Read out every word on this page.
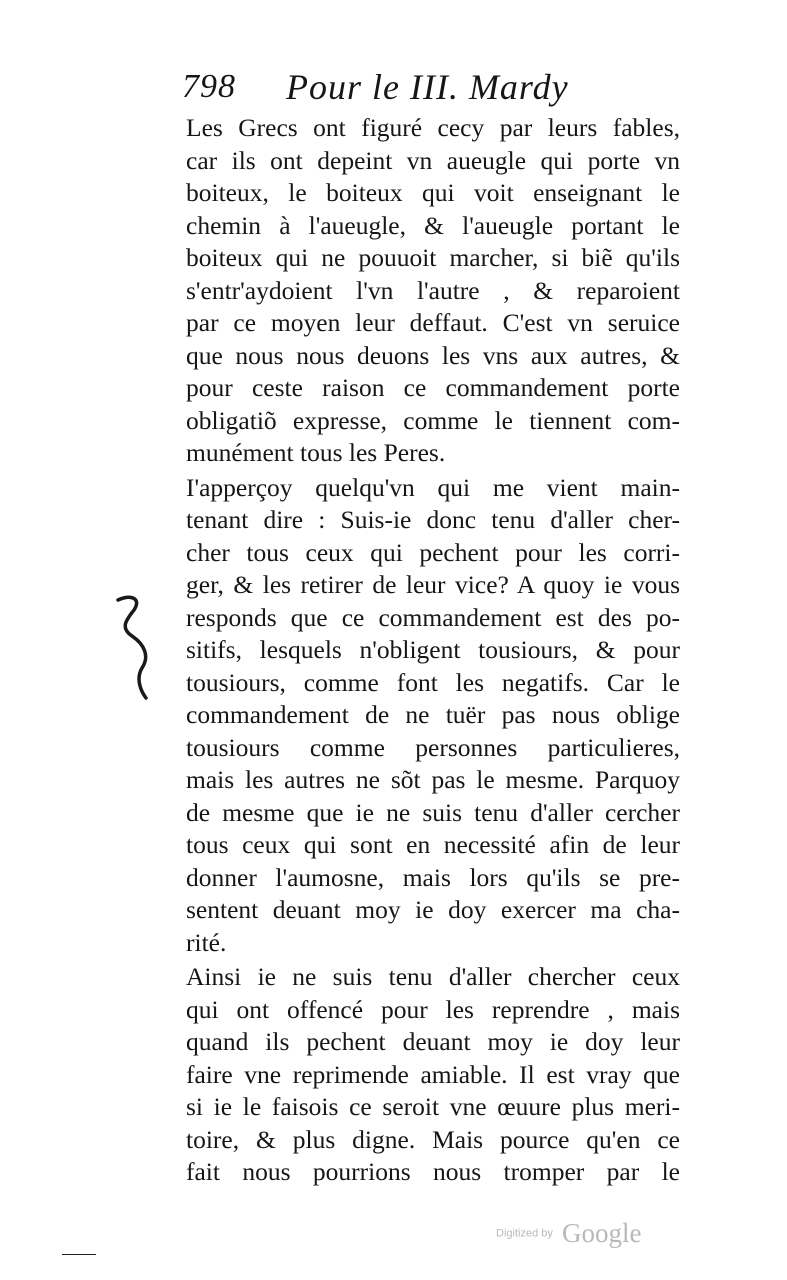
798 Pour le III. Mardy
Les Grecs ont figuré cecy par leurs fables,
car ils ont depeint vn aueugle qui porte vn
boiteux, le boiteux qui voit enseignant le
chemin à l'aueugle, & l'aueugle portant le
boiteux qui ne pouuoit marcher, si biẽ qu'ils
s'entr'aydoient l'vn l'autre , & reparoient
par ce moyen leur deffaut. C'est vn seruice
que nous nous deuons les vns aux autres, &
pour ceste raison ce commandement porte
obligatiõ expresse, comme le tiennent com-
munément tous les Peres.
I'apperçoy quelqu'vn qui me vient main-
tenant dire : Suis-ie donc tenu d'aller cher-
cher tous ceux qui pechent pour les corri-
ger, & les retirer de leur vice? A quoy ie vous
responds que ce commandement est des po-
sitifs, lesquels n'obligent tousiours, & pour
tousiours, comme font les negatifs. Car le
commandement de ne tuër pas nous oblige
tousiours comme personnes particulieres,
mais les autres ne sõt pas le mesme. Parquoy
de mesme que ie ne suis tenu d'aller cercher
tous ceux qui sont en necessité afin de leur
donner l'aumosne, mais lors qu'ils se pre-
sentent deuant moy ie doy exercer ma cha-
rité.
Ainsi ie ne suis tenu d'aller chercher ceux
qui ont offencé pour les reprendre , mais
quand ils pechent deuant moy ie doy leur
faire vne reprimende amiable. Il est vray que
si ie le faisois ce seroit vne œuure plus meri-
toire, & plus digne. Mais pource qu'en ce
fait nous pourrions nous tromper par le
Digitized by Google
